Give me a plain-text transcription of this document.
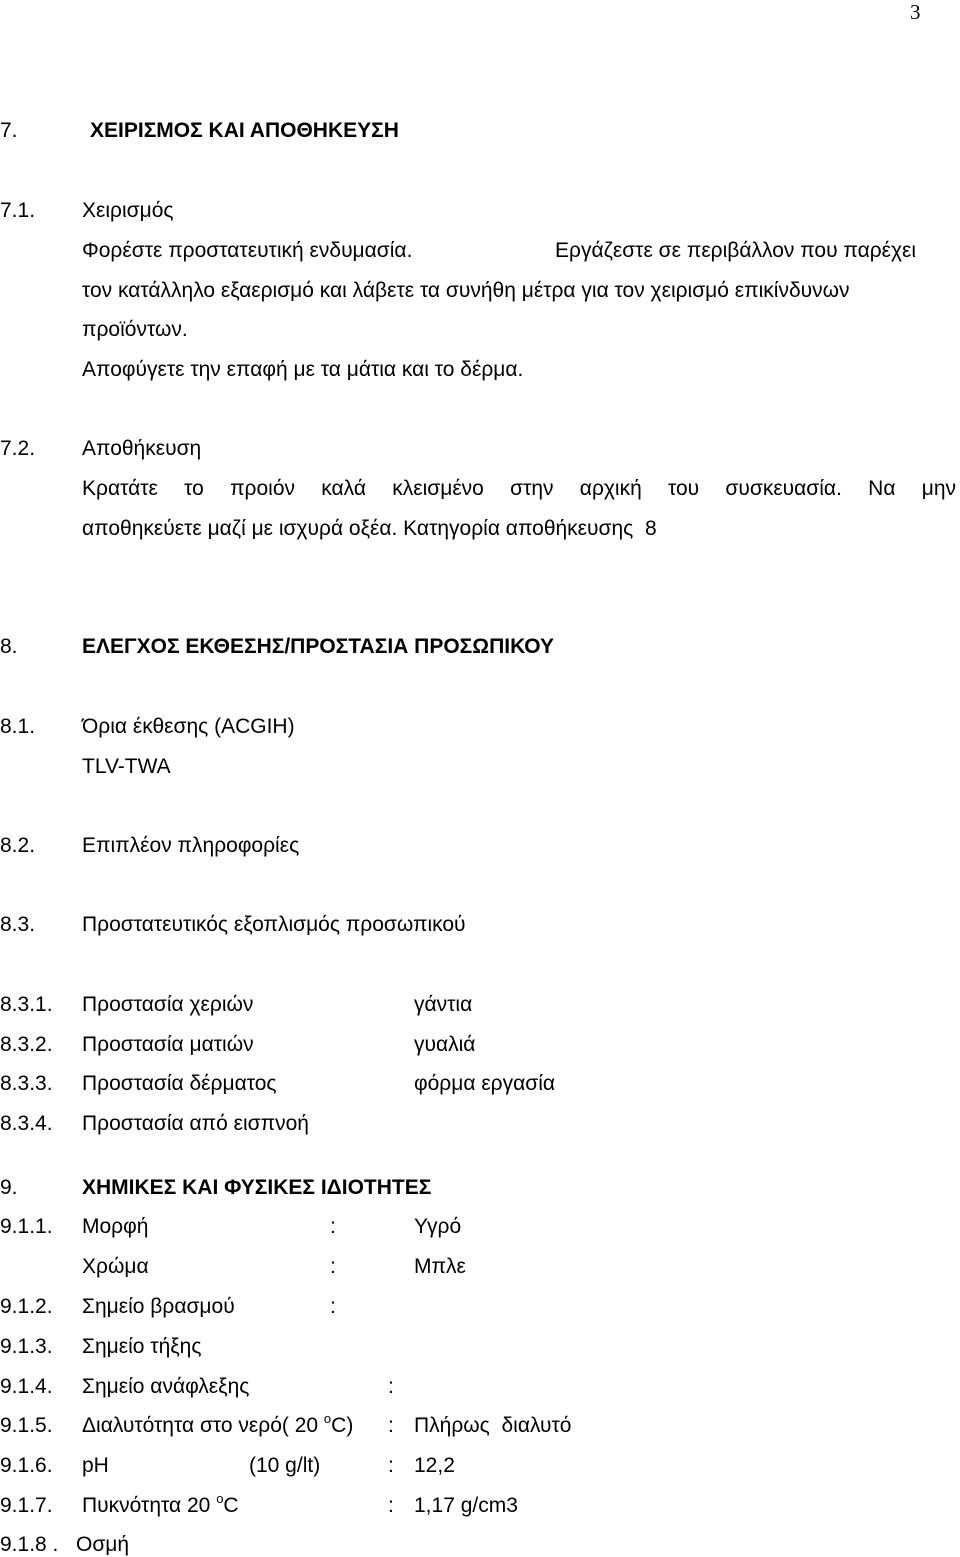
3
7.	ΧΕΙΡΙΣΜΟΣ ΚΑΙ ΑΠΟΘΗΚΕΥΣΗ
7.1. Χειρισμός
Φορέστε προστατευτική ενδυμασία.	Εργάζεστε σε περιβάλλον που παρέχει
τον κατάλληλο εξαερισμό και λάβετε τα συνήθη μέτρα για τον χειρισμό επικίνδυνων
προϊόντων.
Αποφύγετε την επαφή με τα μάτια και το δέρμα.
7.2. Αποθήκευση
Κρατάτε το προιόν καλά κλεισμένο στην αρχική του συσκευασία. Να μην
αποθηκεύετε μαζί με ισχυρά οξέα. Κατηγορία αποθήκευσης  8
8.	ΕΛΕΓΧΟΣ ΕΚΘΕΣΗΣ/ΠΡΟΣΤΑΣΙΑ ΠΡΟΣΩΠΙΚΟΥ
8.1. Όρια έκθεσης (ACGIH)
TLV-TWA
8.2. Επιπλέον πληροφορίες
8.3. Προστατευτικός εξοπλισμός προσωπικού
8.3.1. Προστασία χεριών	γάντια
8.3.2. Προστασία ματιών	γυαλιά
8.3.3. Προστασία δέρματος	φόρμα εργασία
8.3.4. Προστασία από εισπνοή
9.	ΧΗΜΙΚΕΣ ΚΑΙ ΦΥΣΙΚΕΣ ΙΔΙΟΤΗΤΕΣ
9.1.1. Μορφή	:	Υγρό
Χρώμα	:	Μπλε
9.1.2. Σημείο βρασμού	:
9.1.3. Σημείο τήξης
9.1.4. Σημείο ανάφλεξης	:
9.1.5. Διαλυτότητα στο νερό( 20 $^o$C) : Πλήρως  διαλυτό
9.1.6. pH	(10 g/lt)	: 12,2
9.1.7. Πυκνότητα 20 $^o$C	: 1,17 g/cm3
9.1.8 . Οσμή
